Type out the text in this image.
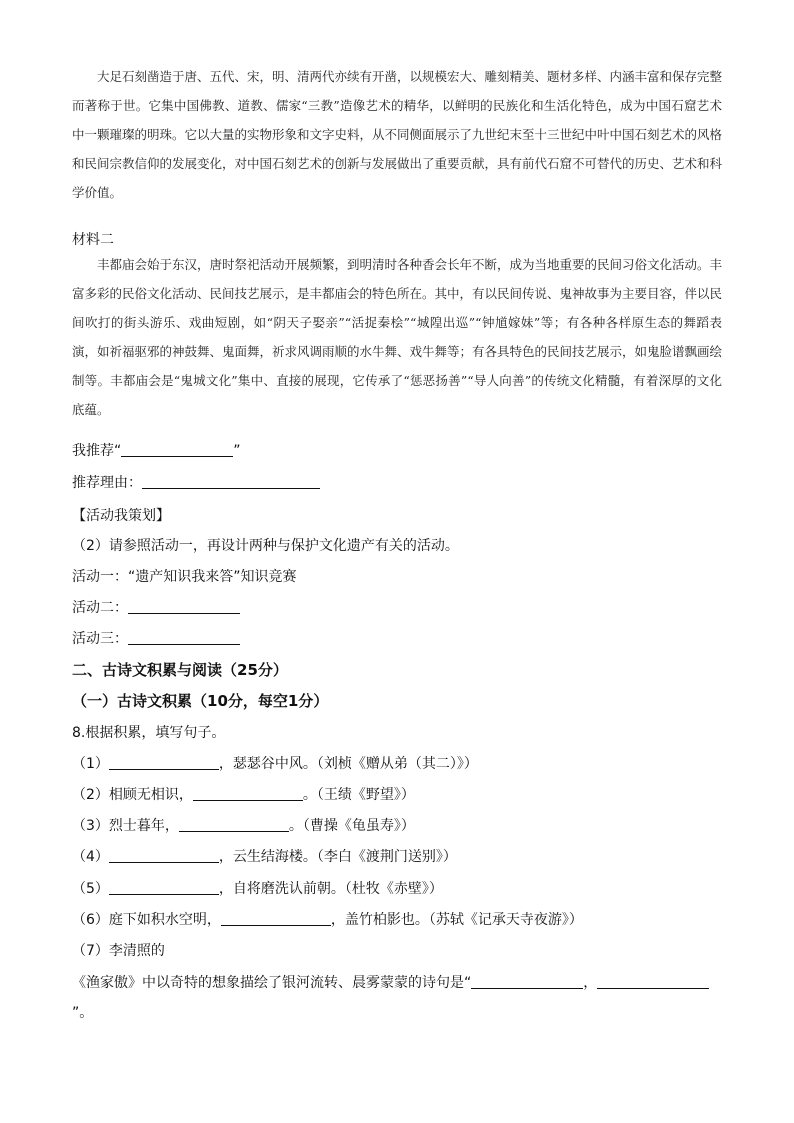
大足石刻凿造于唐、五代、宋，明、清两代亦续有开凿，以规模宏大、雕刻精美、题材多样、内涵丰富和保存完整而著称于世。它集中国佛教、道教、儒家“三教”造像艺术的精华，以鲜明的民族化和生活化特色，成为中国石窟艺术中一颗璀璨的明珠。它以大量的实物形象和文字史料，从不同侧面展示了九世纪末至十三世纪中叶中国石刻艺术的风格和民间宗教信仰的发展变化，对中国石刻艺术的创新与发展做出了重要贡献，具有前代石窟不可替代的历史、艺术和科学价值。

材料二

丰都庙会始于东汉，唐时祭祀活动开展频繁，到明清时各种香会长年不断，成为当地重要的民间习俗文化活动。丰富多彩的民俗文化活动、民间技艺展示，是丰都庙会的特色所在。其中，有以民间传说、鬼神故事为主要目容，伴以民间吹打的街头游乐、戏曲短剧，如“阴天子娶亲”“活捉秦桧”“城隍出巡”“钟馗嫁妹”等；有各种各样原生态的舞蹈表演，如祈福驱邪的神鼓舞、鬼面舞，祈求风调雨顺的水牛舞、戏牛舞等；有各具特色的民间技艺展示，如鬼脸谱飘画绘制等。丰都庙会是“鬼城文化”集中、直接的展现，它传承了“惩恶扬善”“导人向善”的传统文化精髓，有着深厚的文化底蕴。

我推荐“	”
推荐理由：
【活动我策划】
（2）请参照活动一，再设计两种与保护文化遗产有关的活动。
活动一：“遗产知识我来答”知识竞赛
活动二：
活动三：
二、古诗文积累与阅读（25分）
（一）古诗文积累（10分，每空1分）
8.根据积累，填写句子。
（1）	，瑟瑟谷中风。（刘桢《赠从弟（其二）》）
（2）相顾无相识，	。（王绩《野望》）
（3）烈士暮年，	。（曹操《龟虽寿》）
（4）	，云生结海楼。（李白《渡荆门送别》）
（5）	，自将磨洗认前朝。（杜牧《赤壁》）
（6）庭下如积水空明，	，盖竹柏影也。（苏轼《记承天寺夜游》）
（7）李清照的
《渔家傲》中以奇特的想象描绘了银河流转、晨雾蒙蒙的诗句是“	，
”。
